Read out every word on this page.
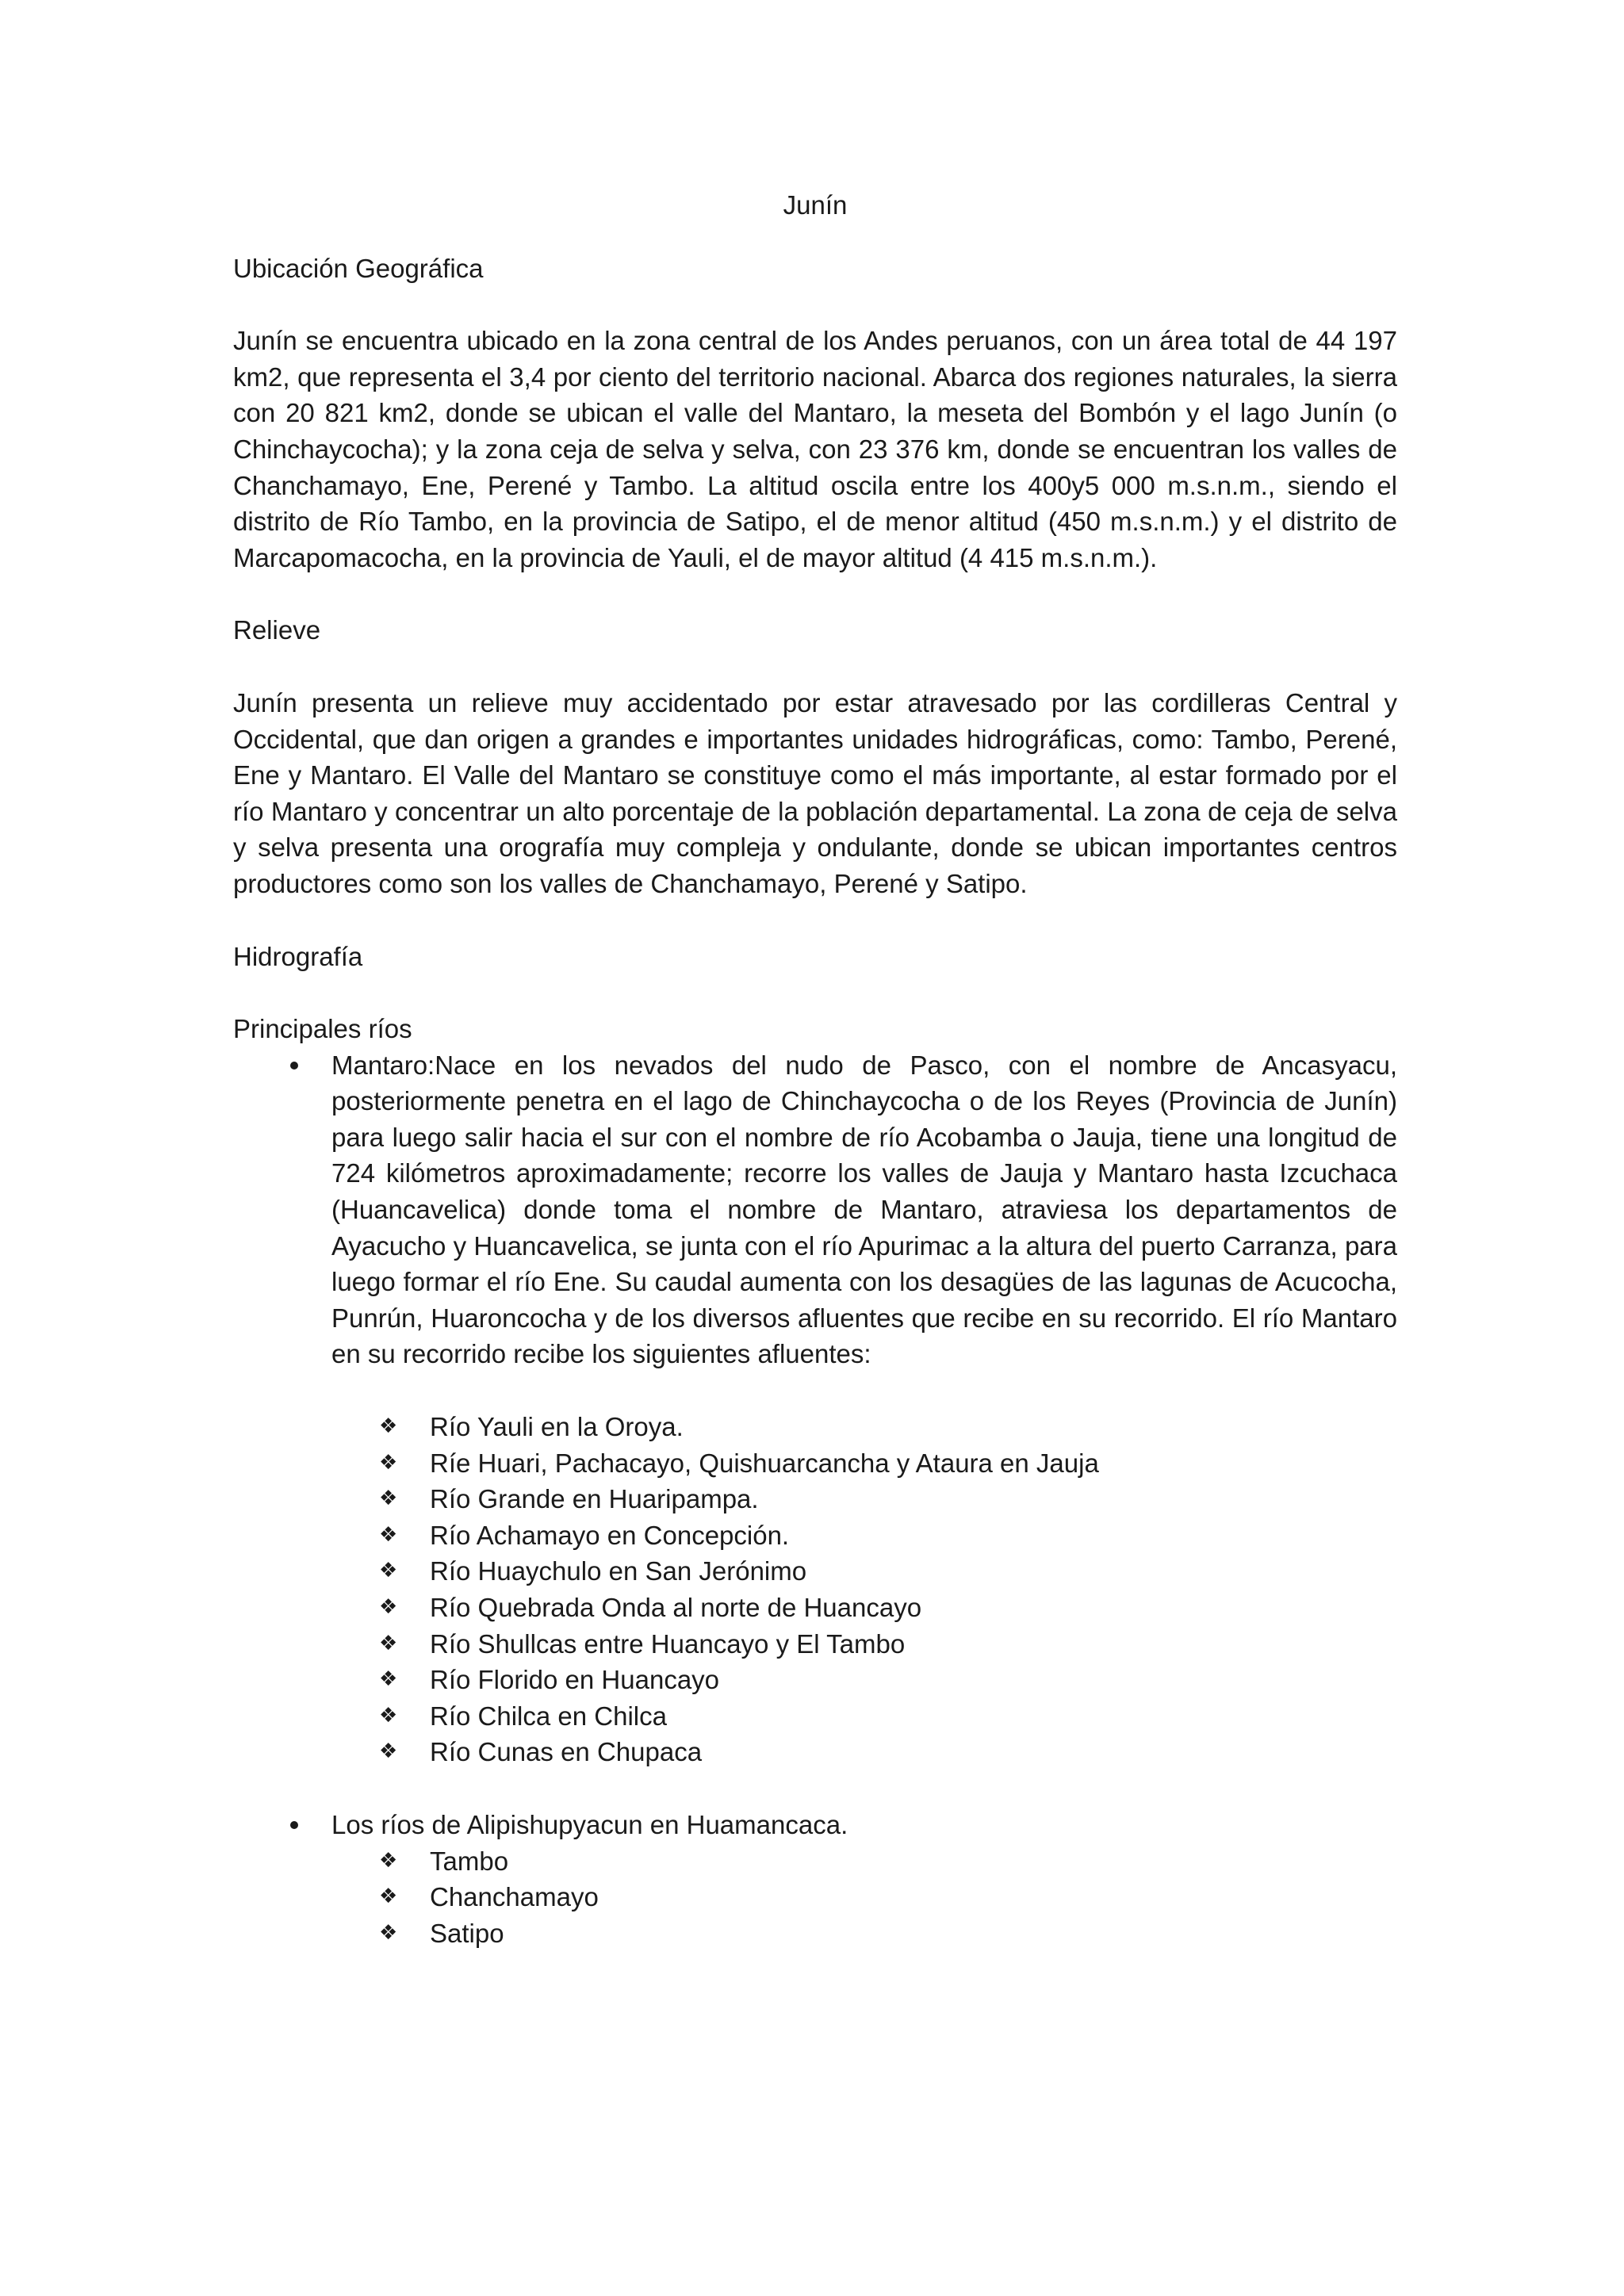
Junín
Ubicación Geográfica

Junín se encuentra ubicado en la zona central de los Andes peruanos, con un área total de 44 197 km2, que representa el 3,4 por ciento del territorio nacional. Abarca dos regiones naturales, la sierra con 20 821 km2, donde se ubican el valle del Mantaro, la meseta del Bombón y el lago Junín (o Chinchaycocha); y la zona ceja de selva y selva, con 23 376 km, donde se encuentran los valles de Chanchamayo, Ene, Perené y Tambo. La altitud oscila entre los 400y5 000 m.s.n.m., siendo el distrito de Río Tambo, en la provincia de Satipo, el de menor altitud (450 m.s.n.m.) y el distrito de Marcapomacocha, en la provincia de Yauli, el de mayor altitud (4 415 m.s.n.m.).

Relieve

Junín presenta un relieve muy accidentado por estar atravesado por las cordilleras Central y Occidental, que dan origen a grandes e importantes unidades hidrográficas, como: Tambo, Perené, Ene y Mantaro. El Valle del Mantaro se constituye como el más importante, al estar formado por el río Mantaro y concentrar un alto porcentaje de la población departamental. La zona de ceja de selva y selva presenta una orografía muy compleja y ondulante, donde se ubican importantes centros productores como son los valles de Chanchamayo, Perené y Satipo.

Hidrografía
Principales ríos
Mantaro:Nace en los nevados del nudo de Pasco, con el nombre de Ancasyacu, posteriormente penetra en el lago de Chinchaycocha o de los Reyes (Provincia de Junín) para luego salir hacia el sur con el nombre de río Acobamba o Jauja, tiene una longitud de 724 kilómetros aproximadamente; recorre los valles de Jauja y Mantaro hasta Izcuchaca (Huancavelica) donde toma el nombre de Mantaro, atraviesa los departamentos de Ayacucho y Huancavelica, se junta con el río Apurimac a la altura del puerto Carranza, para luego formar el río Ene. Su caudal aumenta con los desagües de las lagunas de Acucocha, Punrún, Huaroncocha y de los diversos afluentes que recibe en su recorrido. El río Mantaro en su recorrido recibe los siguientes afluentes:
❖ Río Yauli en la Oroya.
❖ Ríe Huari, Pachacayo, Quishuarcancha y Ataura en Jauja
❖ Río Grande en Huaripampa.
❖ Río Achamayo en Concepción.
❖ Río Huaychulo en San Jerónimo
❖ Río Quebrada Onda al norte de Huancayo
❖ Río Shullcas entre Huancayo y El Tambo
❖ Río Florido en Huancayo
❖ Río Chilca en Chilca
❖ Río Cunas en Chupaca
Los ríos de Alipishupyacun en Huamancaca.
❖ Tambo
❖ Chanchamayo
❖ Satipo
